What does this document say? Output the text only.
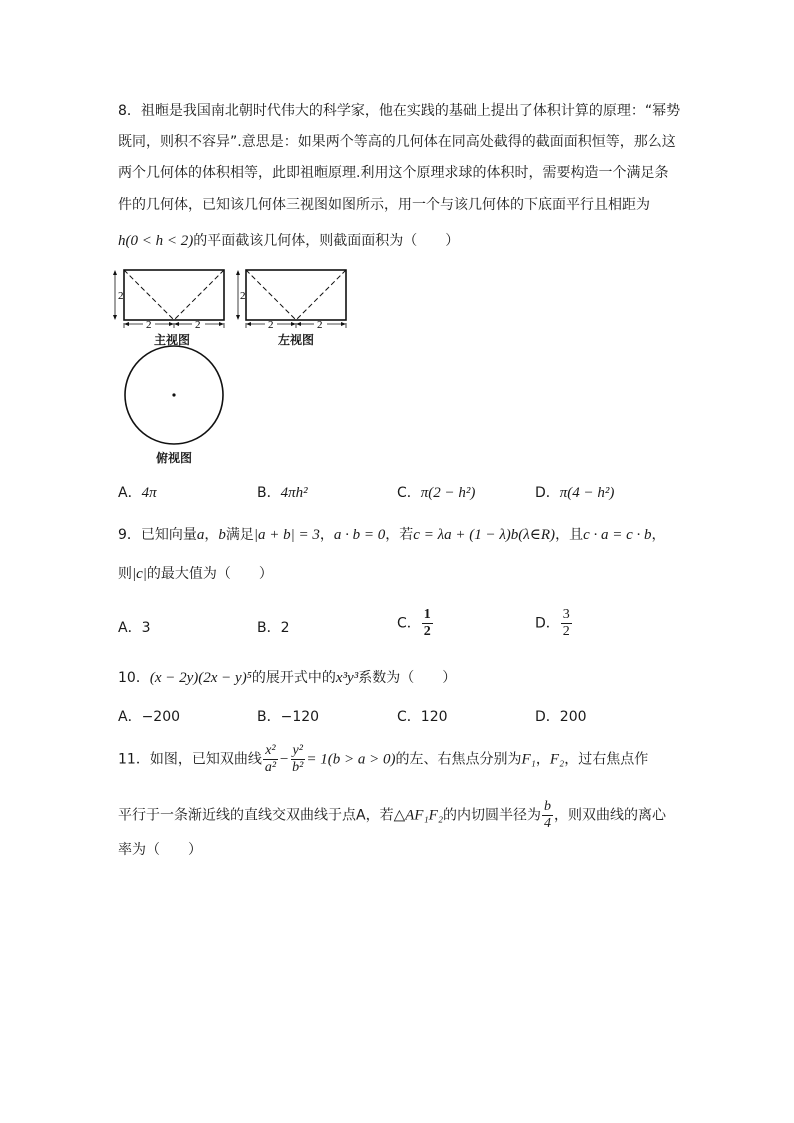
8．祖暅是我国南北朝时代伟大的科学家，他在实践的基础上提出了体积计算的原理：“幂势
既同，则积不容异”.意思是：如果两个等高的几何体在同高处截得的截面面积恒等，那么这
两个几何体的体积相等，此即祖暅原理.利用这个原理求球的体积时，需要构造一个满足条
件的几何体，已知该几何体三视图如图所示，用一个与该几何体的下底面平行且相距为
h(0 < h < 2)的平面截该几何体，则截面面积为（　　）
2
2	2
2
2	2
主视图	左视图
俯视图
A．4π	B．4πh²	C．π(2 − h²)	D．π(4 − h²)
9．已知向量a，b满足|a + b| = 3，a · b = 0，若c = λa + (1 − λ)b(λ∈R)，且c · a = c · b，
则|c|的最大值为（　　）
A．3	B．2	C． $\frac{1}{2}$	D． $\frac{3}{2}$
10．(x − 2y)(2x − y)⁵的展开式中的x³y³系数为（　　）
A．−200	B．−120	C．120	D．200
11．如图，已知双曲线 $\frac{\text{x²}}{\text{a²}} - \frac{\text{y²}}{\text{b²}} = 1(b > a > 0)$的左、右焦点分别为F₁，F₂，过右焦点作
平行于一条渐近线的直线交双曲线于点A，若△AF₁F₂的内切圆半径为 $\frac{b}{4}$ ，则双曲线的离心
率为（　　）
